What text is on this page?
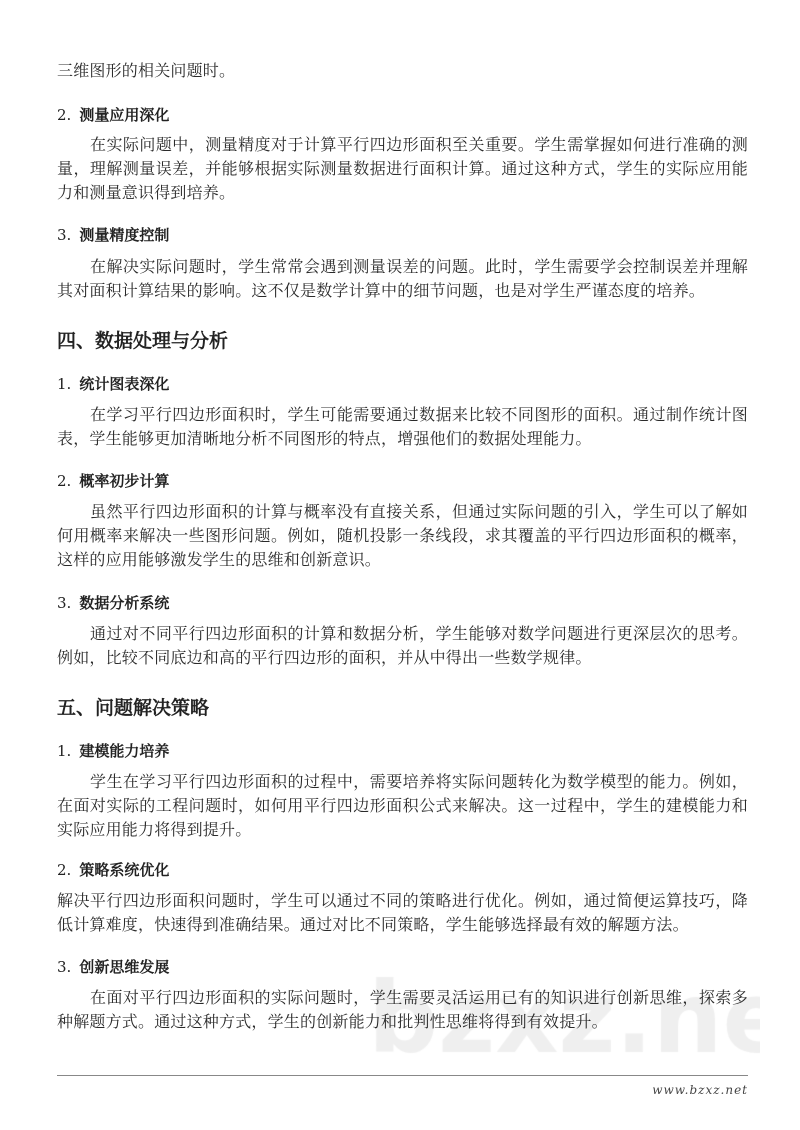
三维图形的相关问题时。
2. 测量应用深化
在实际问题中，测量精度对于计算平行四边形面积至关重要。学生需掌握如何进行准确的测
量，理解测量误差，并能够根据实际测量数据进行面积计算。通过这种方式，学生的实际应用能
力和测量意识得到培养。
3. 测量精度控制
在解决实际问题时，学生常常会遇到测量误差的问题。此时，学生需要学会控制误差并理解
其对面积计算结果的影响。这不仅是数学计算中的细节问题，也是对学生严谨态度的培养。
四、数据处理与分析
1. 统计图表深化
在学习平行四边形面积时，学生可能需要通过数据来比较不同图形的面积。通过制作统计图
表，学生能够更加清晰地分析不同图形的特点，增强他们的数据处理能力。
2. 概率初步计算
虽然平行四边形面积的计算与概率没有直接关系，但通过实际问题的引入，学生可以了解如
何用概率来解决一些图形问题。例如，随机投影一条线段，求其覆盖的平行四边形面积的概率，
这样的应用能够激发学生的思维和创新意识。
3. 数据分析系统
通过对不同平行四边形面积的计算和数据分析，学生能够对数学问题进行更深层次的思考。
例如，比较不同底边和高的平行四边形的面积，并从中得出一些数学规律。
五、问题解决策略
1. 建模能力培养
学生在学习平行四边形面积的过程中，需要培养将实际问题转化为数学模型的能力。例如，
在面对实际的工程问题时，如何用平行四边形面积公式来解决。这一过程中，学生的建模能力和
实际应用能力将得到提升。
2. 策略系统优化
解决平行四边形面积问题时，学生可以通过不同的策略进行优化。例如，通过简便运算技巧，降
低计算难度，快速得到准确结果。通过对比不同策略，学生能够选择最有效的解题方法。
3. 创新思维发展
在面对平行四边形面积的实际问题时，学生需要灵活运用已有的知识进行创新思维，探索多
种解题方式。通过这种方式，学生的创新能力和批判性思维将得到有效提升。
www.bzxz.net
